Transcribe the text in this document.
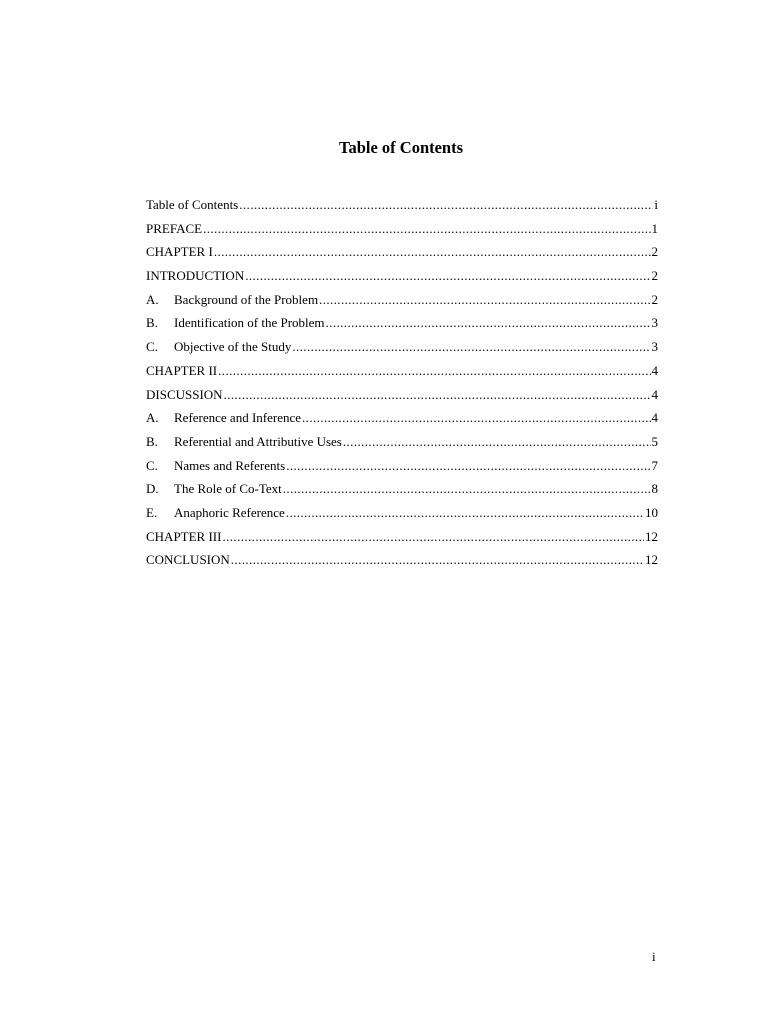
Table of Contents
Table of Contents .....	i
PREFACE .....	1
CHAPTER I .....	2
INTRODUCTION .....	2
A.	Background of the Problem .....	2
B.	Identification of the Problem .....	3
C.	Objective of the Study .....	3
CHAPTER II .....	4
DISCUSSION .....	4
A.	Reference and Inference .....	4
B.	Referential and Attributive Uses .....	5
C.	Names and Referents .....	7
D.	The Role of Co-Text .....	8
E.	Anaphoric Reference .....	10
CHAPTER III .....	12
CONCLUSION .....	12
i
